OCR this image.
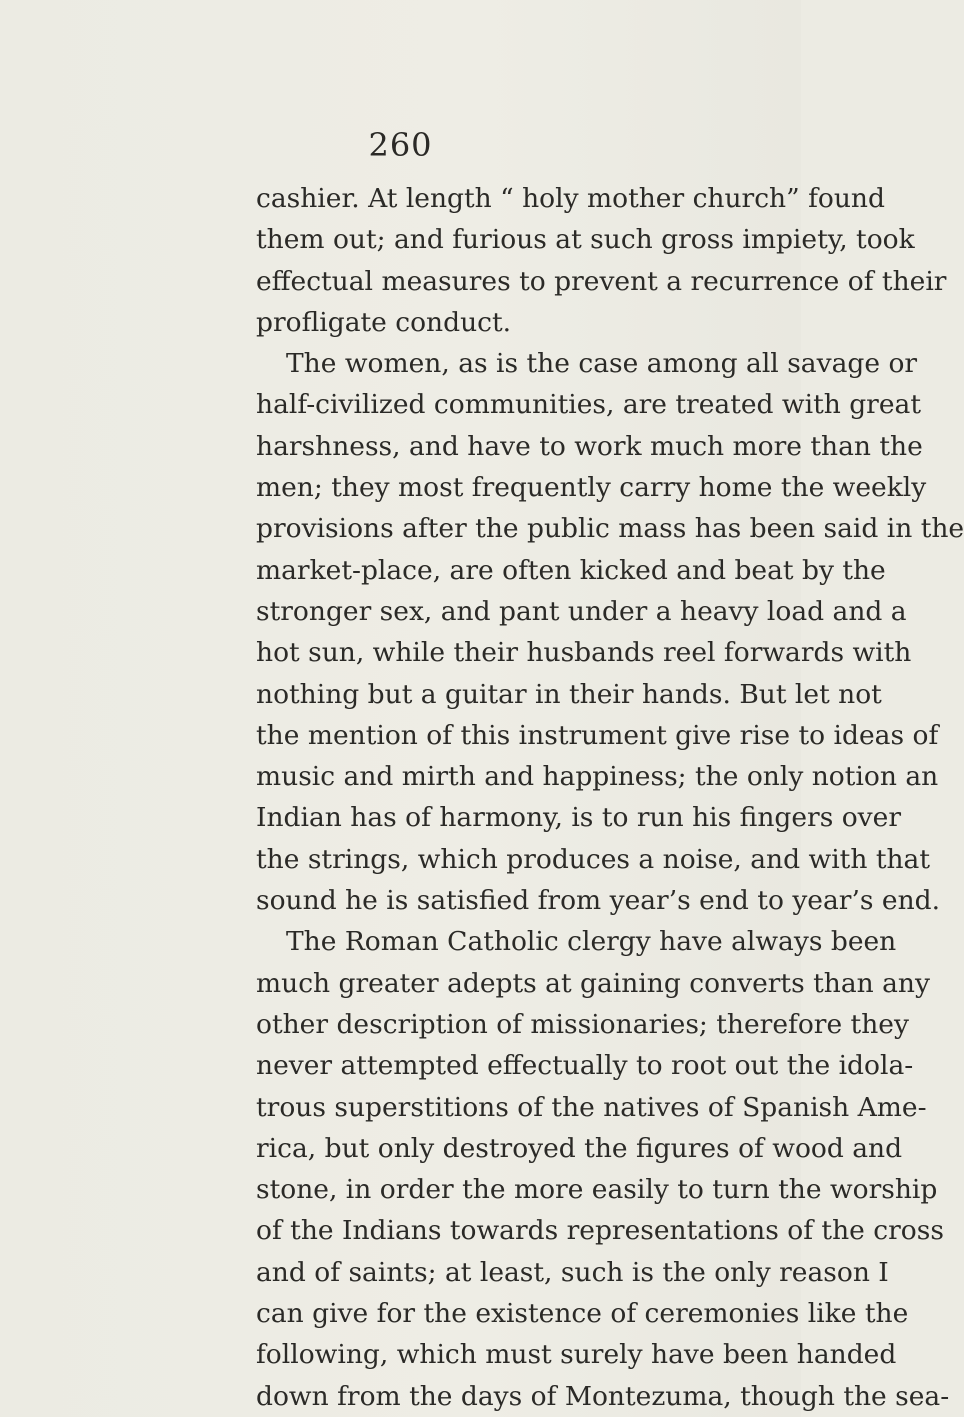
260
cashier. At length “ holy mother church” found
them out; and furious at such gross impiety, took
effectual measures to prevent a recurrence of their
profligate conduct.
The women, as is the case among all savage or
half-civilized communities, are treated with great
harshness, and have to work much more than the
men; they most frequently carry home the weekly
provisions after the public mass has been said in the
market-place, are often kicked and beat by the
stronger sex, and pant under a heavy load and a
hot sun, while their husbands reel forwards with
nothing but a guitar in their hands. But let not
the mention of this instrument give rise to ideas of
music and mirth and happiness; the only notion an
Indian has of harmony, is to run his fingers over
the strings, which produces a noise, and with that
sound he is satisfied from year’s end to year’s end.
The Roman Catholic clergy have always been
much greater adepts at gaining converts than any
other description of missionaries; therefore they
never attempted effectually to root out the idola-
trous superstitions of the natives of Spanish Ame-
rica, but only destroyed the figures of wood and
stone, in order the more easily to turn the worship
of the Indians towards representations of the cross
and of saints; at least, such is the only reason I
can give for the existence of ceremonies like the
following, which must surely have been handed
down from the days of Montezuma, though the sea-
